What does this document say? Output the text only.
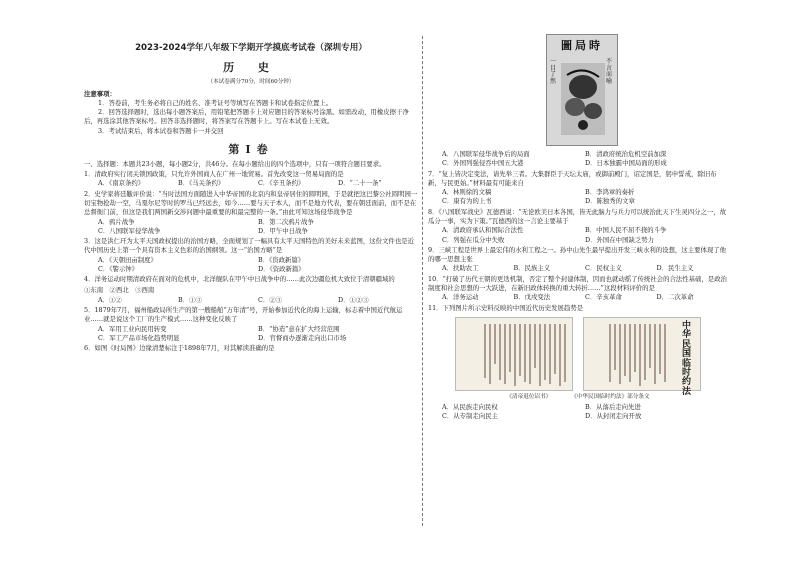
2023-2024学年八年级下学期开学摸底考试卷（深圳专用）
历 史
（本试卷满分70分，时间60分钟）
注意事项：
1．答卷前，考生务必将自己的姓名、准考证号等填写在答题卡和试卷指定位置上。
2．回答选择题时，选出每小题答案后，用铅笔把答题卡上对应题目的答案标号涂黑。如需改动，用橡皮擦干净后，再选涂其他答案标号。回答非选择题时，将答案写在答题卡上。写在本试卷上无效。
3．考试结束后，将本试卷和答题卡一并交回
第Ⅰ卷
一、选择题：本题共23小题，每小题2分，共46分。在每小题给出的四个选项中，只有一项符合题目要求。
1．清政府实行闭关锁国政策，只允许外国商人在广州一地贸易。首先改变这一贸易局面的是
A．《南京条约》	B．《马关条约》	C．《辛丑条约》	D．“二十一条”
2．史学家蒋廷黻评价说：“当时法国方面随进入中华帝国的北京内和皇帝居住的圆明园，于是就把这巴黎公社圆明园一切宝物抢劫一空，马戛尔尼等时的罗马已经远去，如今……要与天子本人，而不是地方代表，要在朝廷面前，而不是在总督衙门前，但这是我们两国新交涉问题中最重要的和最完整的一条。”由此可知这场侵华战争是
A．鸦片战争	B．第二次鸦片战争
C．八国联军侵华战争	D．甲午中日战争
3．这是洪仁玕为太平天国政权提出的治国方略，全面规划了一幅具有太平天国特色的美好未来蓝图，这份文件也是近代中国历史上第一个具有资本主义色彩的治国纲领。这一“治国方略”是
A．《天朝田亩制度》	B．《资政新篇》
C．《警示钟》	D．《资政新篇》
4．洋务运动时期清政府在面对的危机中，北洋舰队在甲午中日战争中的……此次边疆危机大致位于清朝疆域的
①东南　②西北　③西南
A．①②	B．①③	C．②③	D．①②③
5．1879年7月，福州船政局所生产的第一艘船舶“万年清”号，开始参加近代化的海上运输，标志着中国近代航运业……就是说这个工厂的生产模式……这种变化反映了
A．军用工业向民用转变	B．“协造”意在扩大经营范围
C．军工产品市场化趋势明显	D．官督商办逐渐走向出口市场
6．如图《时局图》边缘清楚标注于1898年7月，对其解读准确的是
圖局時
不言而喻
一目了然
A．八国联军侵华战争后的局面	B．清政府统治危机空前加深
C．外国列强侵吞中国五大港	D．日本独霸中国局面的形成
7．“复上皆决定变法，请先举三者。大集群臣于天坛太庙，或御前殿门，诏定国是，躬申誓戒，除旧布新，与民更始。”材料最有可能来自
A．林则徐的文稿	B．李鸿章的奏折
C．康有为的上书	D．陈独秀的文章
8．《八国联军战史》瓦德西说：“无论欧美日本各国，皆无此脑力与兵力可以统治此天下生灵四分之一，故瓜分一事，实为下策。”瓦德西的这一言论主要基于
A．清政府承认和国际合法性	B．中国人民不屈不挠的斗争
C．列强在瓜分中失败	D．外国在中国缺乏势力
9．三峡工程是世界上最宏伟的水利工程之一。孙中山先生最早提出开发三峡水利的设想，这主要体现了他的哪一思想主张
A．扶助农工	B．民族主义	C．民权主义	D．民生主义
10．“打破了历代王朝的更迭机制，否定了整个封建体制，因而也就动摇了传统社会的合法性基础，是政治制度和社会思想的一大跃进，在新旧政体转换的重大转折……”这段材料评价的是
A．洋务运动	B．戊戌变法	C．辛亥革命	D．二次革命
11．下列图片所示史料反映的中国近代历史发展趋势是
中华民国临时约法
《清帝退位诏书》	《中华民国临时约法》部分条文
A．从民族走向民权	B．从落后走向先进
C．从专制走向民主	D．从封闭走向开放
